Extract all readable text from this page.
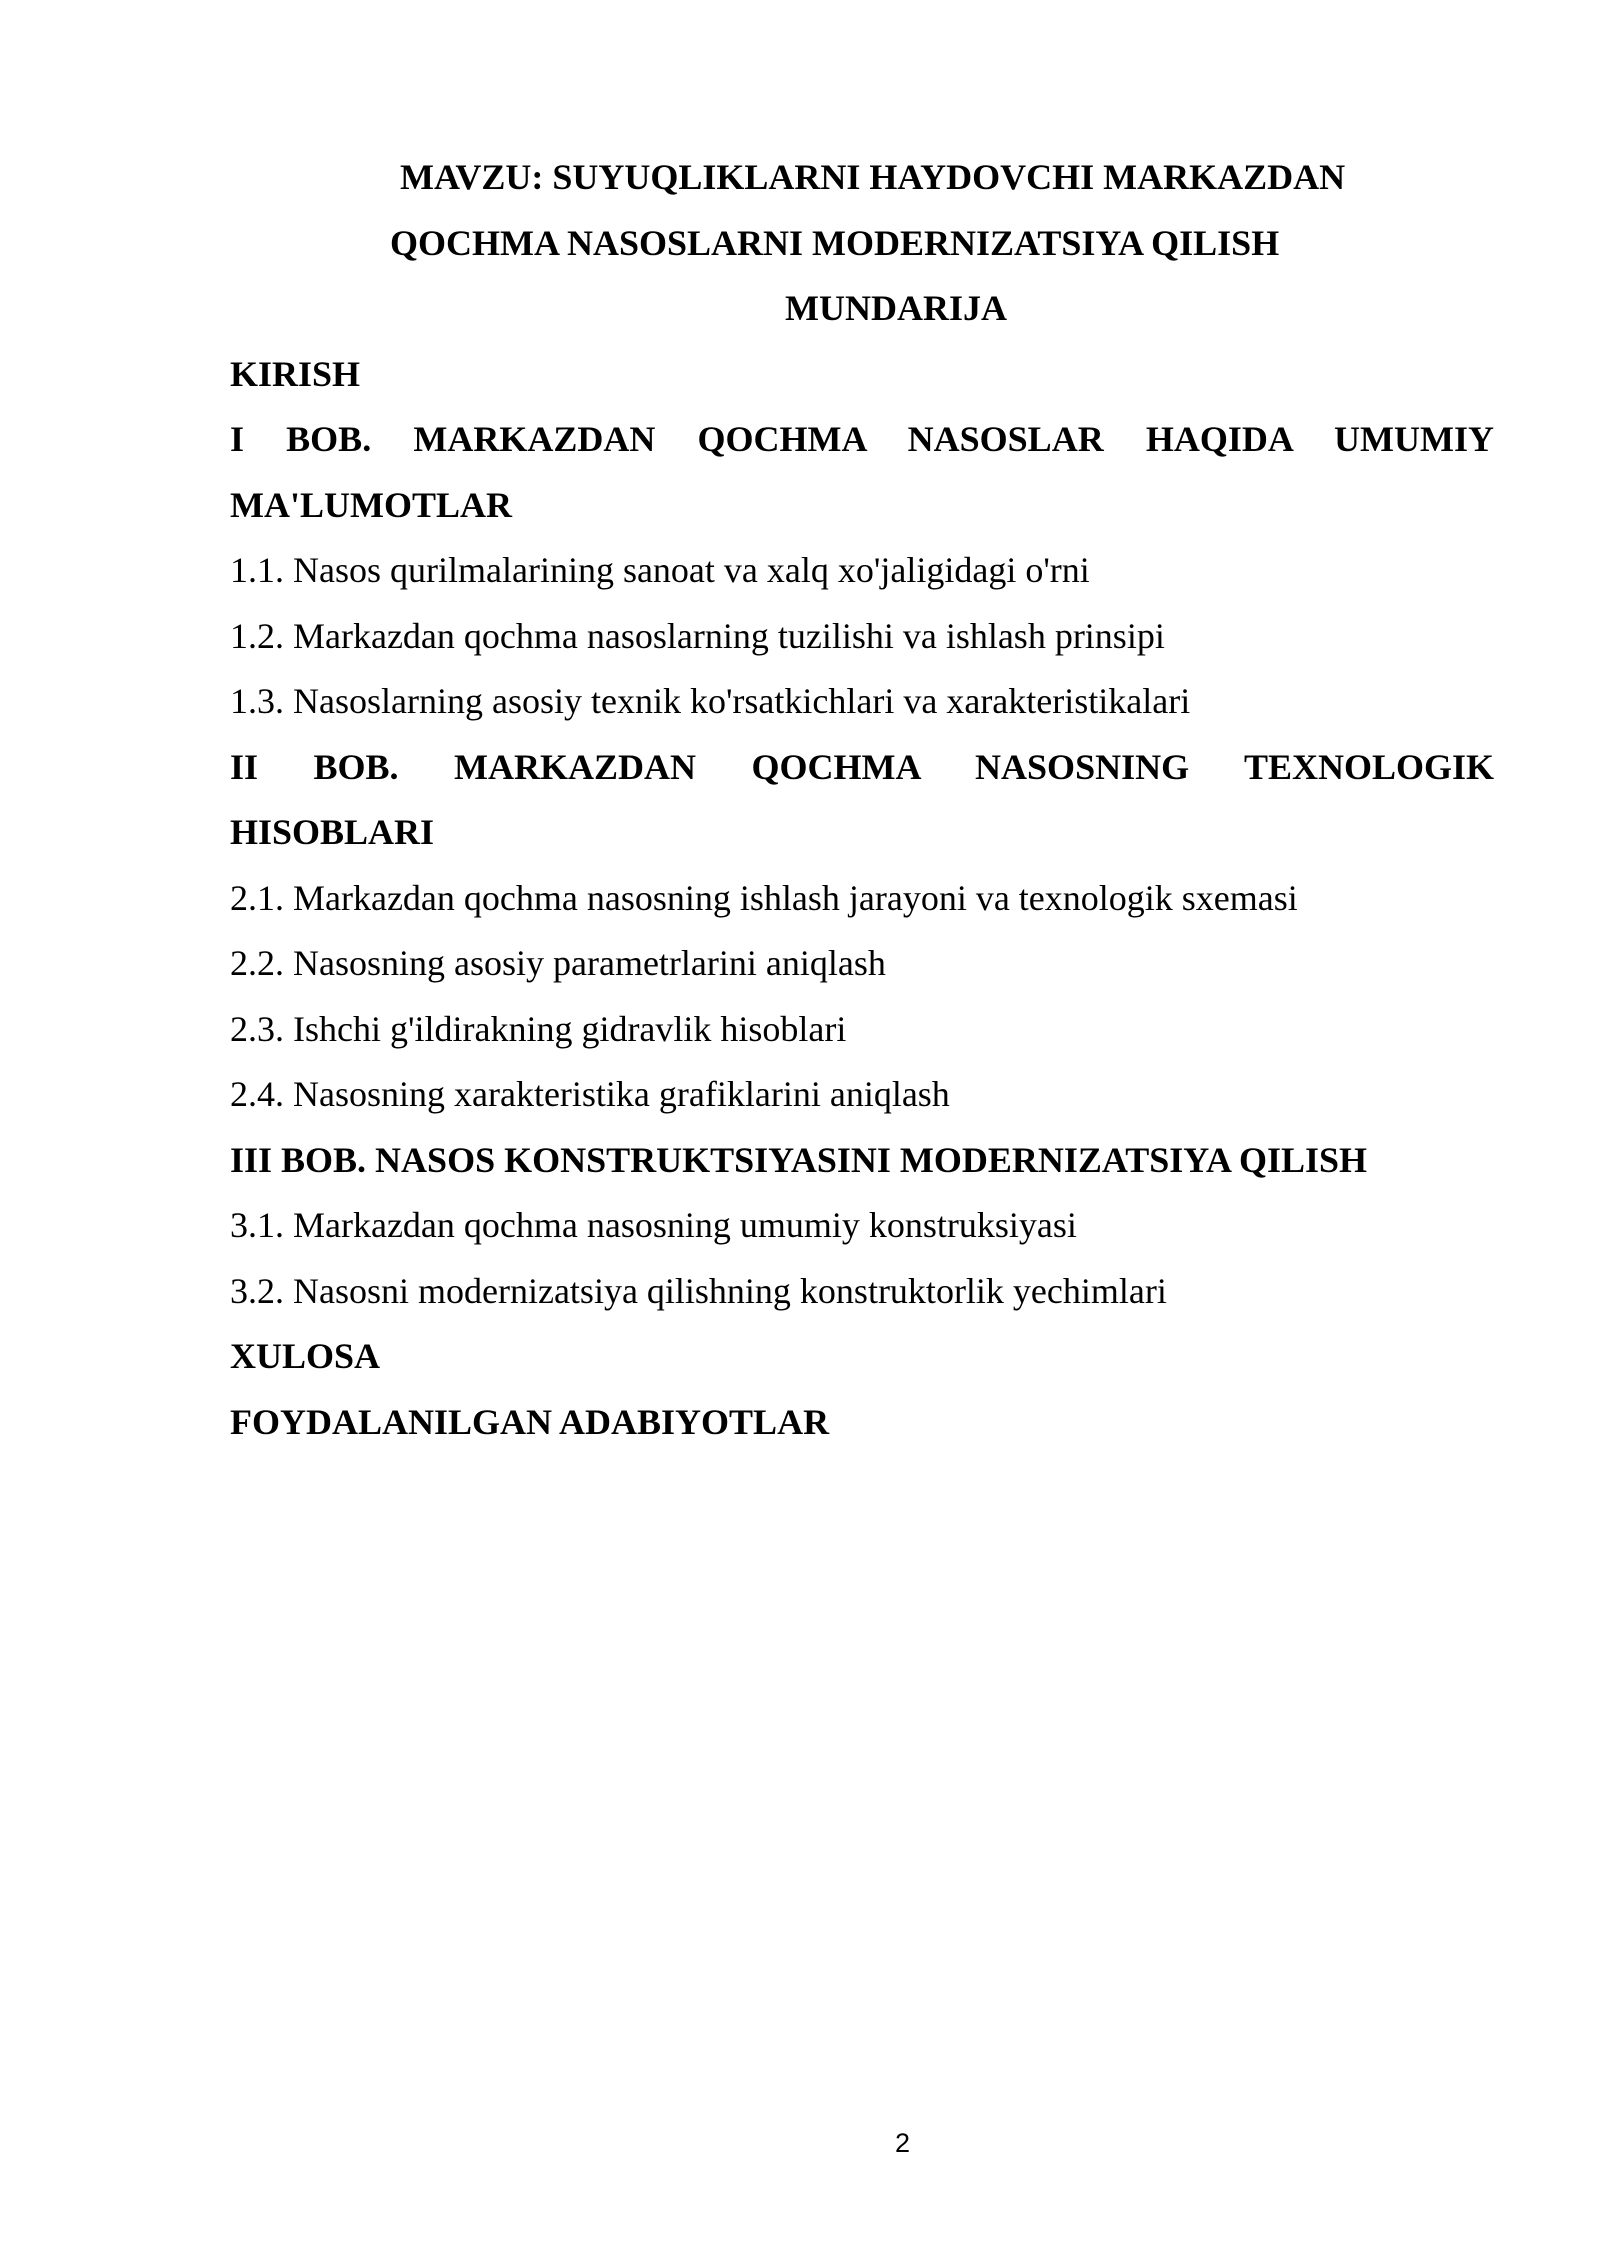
MAVZU: SUYUQLIKLARNI HAYDOVCHI MARKAZDAN
QOCHMA NASOSLARNI MODERNIZATSIYA QILISH
MUNDARIJA
KIRISH
I BOB. MARKAZDAN QOCHMA NASOSLAR HAQIDA UMUMIY
MA'LUMOTLAR
1.1. Nasos qurilmalarining sanoat va xalq xo'jaligidagi o'rni
1.2. Markazdan qochma nasoslarning tuzilishi va ishlash prinsipi
1.3. Nasoslarning asosiy texnik ko'rsatkichlari va xarakteristikalari
II BOB. MARKAZDAN QOCHMA NASOSNING TEXNOLOGIK
HISOBLARI
2.1. Markazdan qochma nasosning ishlash jarayoni va texnologik sxemasi
2.2. Nasosning asosiy parametrlarini aniqlash
2.3. Ishchi g'ildirakning gidravlik hisoblari
2.4. Nasosning xarakteristika grafiklarini aniqlash
III BOB. NASOS KONSTRUKTSIYASINI MODERNIZATSIYA QILISH
3.1. Markazdan qochma nasosning umumiy konstruksiyasi
3.2. Nasosni modernizatsiya qilishning konstruktorlik yechimlari
XULOSA
FOYDALANILGAN ADABIYOTLAR
2
